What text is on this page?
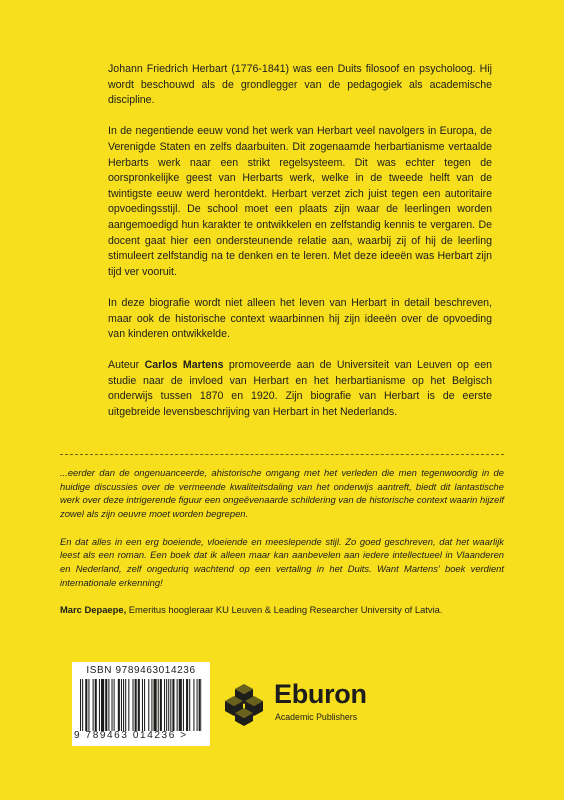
Johann Friedrich Herbart (1776-1841) was een Duits filosoof en psycholoog. Hij wordt beschouwd als de grondlegger van de pedagogiek als academische discipline.

In de negentiende eeuw vond het werk van Herbart veel navolgers in Europa, de Verenigde Staten en zelfs daarbuiten. Dit zogenaamde herbartianisme vertaalde Herbarts werk naar een strikt regelsysteem. Dit was echter tegen de oorspronkelijke geest van Herbarts werk, welke in de tweede helft van de twintigste eeuw werd herontdekt. Herbart verzet zich juist tegen een autoritaire opvoedingsstijl. De school moet een plaats zijn waar de leerlingen worden aangemoedigd hun karakter te ontwikkelen en zelfstandig kennis te vergaren. De docent gaat hier een ondersteunende relatie aan, waarbij zij of hij de leerling stimuleert zelfstandig na te denken en te leren. Met deze ideeën was Herbart zijn tijd ver vooruit.

In deze biografie wordt niet alleen het leven van Herbart in detail beschreven, maar ook de historische context waarbinnen hij zijn ideeën over de opvoeding van kinderen ontwikkelde.

Auteur Carlos Martens promoveerde aan de Universiteit van Leuven op een studie naar de invloed van Herbart en het herbartianisme op het Belgisch onderwijs tussen 1870 en 1920. Zijn biografie van Herbart is de eerste uitgebreide levensbeschrijving van Herbart in het Nederlands.

...eerder dan de ongenuanceerde, ahistorische omgang met het verleden die men tegenwoordig in de huidige discussies over de vermeende kwaliteitsdaling van het onderwijs aantreft, biedt dit lantastische werk over deze intrigerende figuur een ongeëvenaarde schildering van de historische context waarin hijzelf zowel als zijn oeuvre moet worden begrepen.

En dat alles in een erg boeiende, vloeiende en meeslepende stijl. Zo goed geschreven, dat het waarlijk leest als een roman. Een boek dat ik alleen maar kan aanbevelen aan iedere intellectueel in Vlaanderen en Nederland, zelf ongeduriq wachtend op een vertaling in het Duits. Want Martens' boek verdient internationale erkenning!

Marc Depaepe, Emeritus hoogleraar KU Leuven & Leading Researcher University of Latvia.

ISBN 9789463014236
9 789463 014236 >
Eburon
Academic Publishers
